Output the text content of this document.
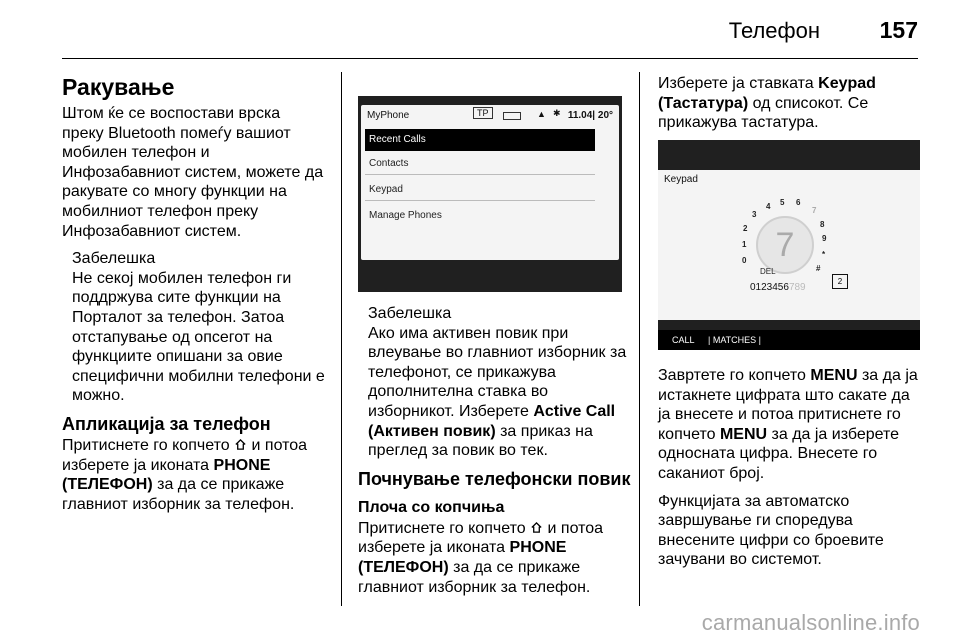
Телефон	157
Ракување

Штом ќе се воспостави врска

преку Bluetooth помеѓу вашиот

мобилен телефон и

Инфозабавниот систем, можете да

ракувате со многу функции на

мобилниот телефон преку

Инфозабавниот систем.

Забелешка

Не секој мобилен телефон ги

поддржува сите функции на

Порталот за телефон. Затоа

отстапување од опсегот на

функциите опишани за овие

специфични мобилни телефони е

можно.

Апликација за телефон

Притиснете го копчето и потоа

изберете ја иконата PHONE

(ТЕЛЕФОН) за да се прикаже

главниот изборник за телефон.

MyPhone	TP	▲ ✱ 11.04| 20°
Recent Calls
Contacts
Keypad
Manage Phones

Забелешка

Ако има активен повик при

влеување во главниот изборник за

телефонот, се прикажува

дополнителна ставка во

изборникот. Изберете Active Call

(Активен повик) за приказ на

преглед за повик во тек.

Почнување телефонски повик
Плоча со копчиња

Притиснете го копчето и потоа

изберете ја иконата PHONE

(ТЕЛЕФОН) за да се прикаже

главниот изборник за телефон.

Изберете ја ставката Keypad

(Тастатура) од списокот. Се

прикажува тастатура.

Keypad
7
0
1
2
3
4 5 6
7
8
9
*
#
DEL
0123456789
2
CALL | MATCHES |

Завртете го копчето MENU за да ја

истакнете цифрата што сакате да

ја внесете и потоа притиснете го

копчето MENU за да ја изберете

односната цифра. Внесете го

саканиот број.

Функцијата за автоматско

завршување ги споредува

внесените цифри со броевите

зачувани во системот.

carmanualsonline.info
